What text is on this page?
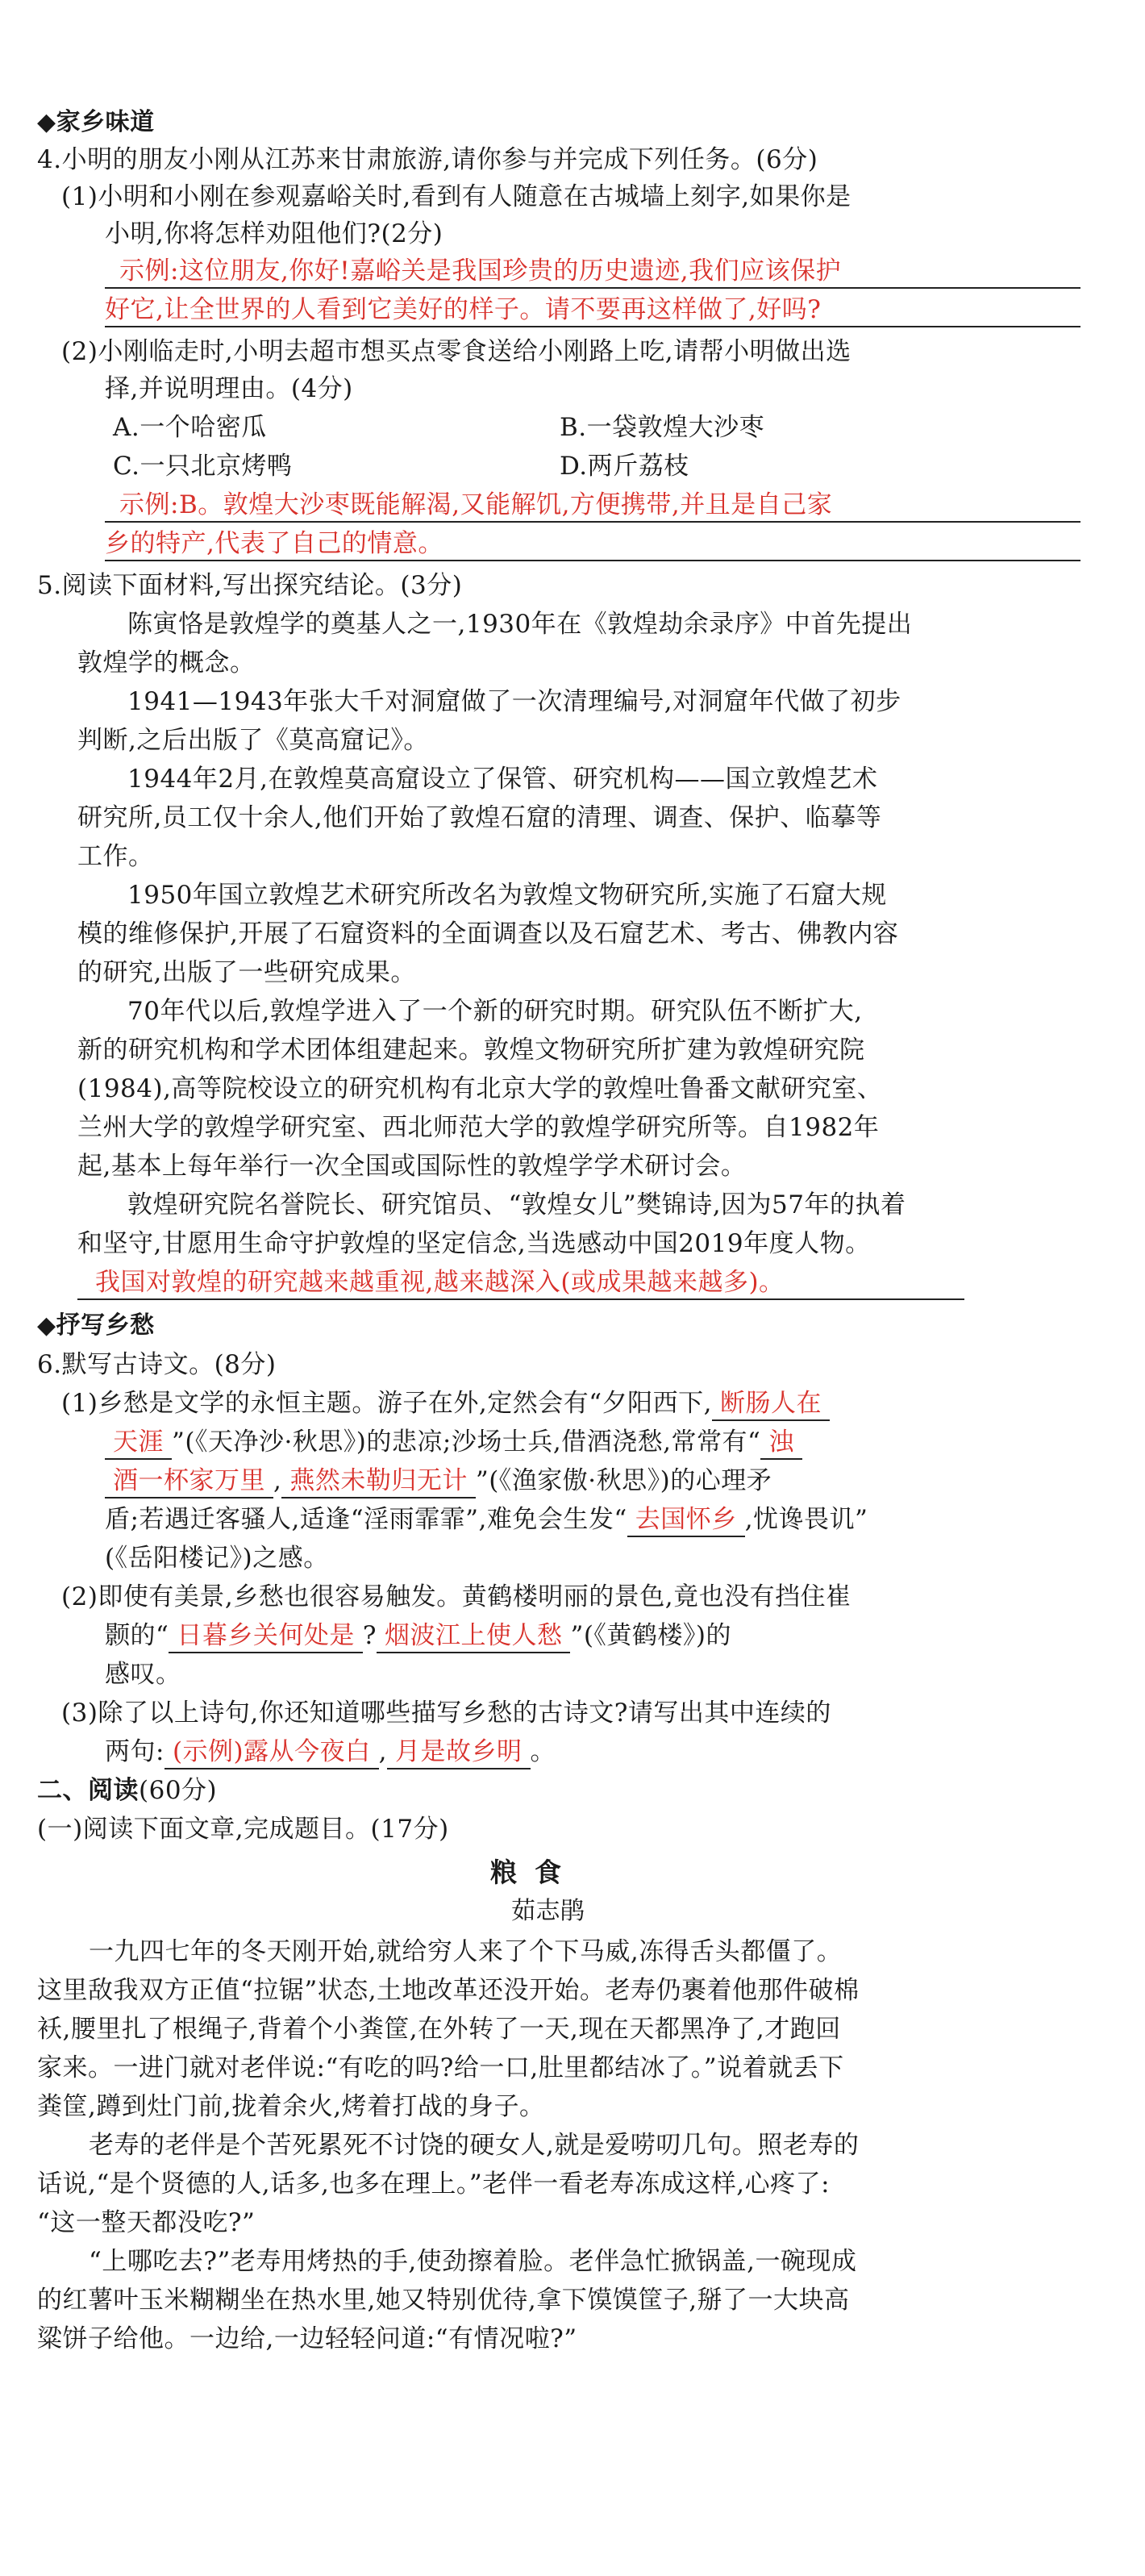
◆家乡味道
4.小明的朋友小刚从江苏来甘肃旅游,请你参与并完成下列任务。(6分)
(1)小明和小刚在参观嘉峪关时,看到有人随意在古城墙上刻字,如果你是
小明,你将怎样劝阻他们?(2分)
示例:这位朋友,你好!嘉峪关是我国珍贵的历史遗迹,我们应该保护
好它,让全世界的人看到它美好的样子。请不要再这样做了,好吗?
(2)小刚临走时,小明去超市想买点零食送给小刚路上吃,请帮小明做出选
择,并说明理由。(4分)
A.一个哈密瓜	B.一袋敦煌大沙枣
C.一只北京烤鸭	D.两斤荔枝
示例:B。敦煌大沙枣既能解渴,又能解饥,方便携带,并且是自己家
乡的特产,代表了自己的情意。
5.阅读下面材料,写出探究结论。(3分)
陈寅恪是敦煌学的奠基人之一,1930年在《敦煌劫余录序》中首先提出
敦煌学的概念。
1941—1943年张大千对洞窟做了一次清理编号,对洞窟年代做了初步
判断,之后出版了《莫高窟记》。
1944年2月,在敦煌莫高窟设立了保管、研究机构——国立敦煌艺术
研究所,员工仅十余人,他们开始了敦煌石窟的清理、调查、保护、临摹等
工作。
1950年国立敦煌艺术研究所改名为敦煌文物研究所,实施了石窟大规
模的维修保护,开展了石窟资料的全面调查以及石窟艺术、考古、佛教内容
的研究,出版了一些研究成果。
70年代以后,敦煌学进入了一个新的研究时期。研究队伍不断扩大,
新的研究机构和学术团体组建起来。敦煌文物研究所扩建为敦煌研究院
(1984),高等院校设立的研究机构有北京大学的敦煌吐鲁番文献研究室、
兰州大学的敦煌学研究室、西北师范大学的敦煌学研究所等。自1982年
起,基本上每年举行一次全国或国际性的敦煌学学术研讨会。
敦煌研究院名誉院长、研究馆员、“敦煌女儿”樊锦诗,因为57年的执着
和坚守,甘愿用生命守护敦煌的坚定信念,当选感动中国2019年度人物。
我国对敦煌的研究越来越重视,越来越深入(或成果越来越多)。
◆抒写乡愁
6.默写古诗文。(8分)
(1)乡愁是文学的永恒主题。游子在外,定然会有“夕阳西下, 断肠人在
天涯 ”(《天净沙·秋思》)的悲凉;沙场士兵,借酒浇愁,常常有“ 浊
酒一杯家万里 , 燕然未勒归无计 ”(《渔家傲·秋思》)的心理矛
盾;若遇迁客骚人,适逢“淫雨霏霏”,难免会生发“ 去国怀乡 ,忧谗畏讥”
(《岳阳楼记》)之感。
(2)即使有美景,乡愁也很容易触发。黄鹤楼明丽的景色,竟也没有挡住崔
颢的“ 日暮乡关何处是 ? 烟波江上使人愁 ”(《黄鹤楼》)的
感叹。
(3)除了以上诗句,你还知道哪些描写乡愁的古诗文?请写出其中连续的
两句: (示例)露从今夜白 , 月是故乡明 。
二、阅读(60分)
(一)阅读下面文章,完成题目。(17分)
粮食
茹志鹃
一九四七年的冬天刚开始,就给穷人来了个下马威,冻得舌头都僵了。
这里敌我双方正值“拉锯”状态,土地改革还没开始。老寿仍裹着他那件破棉
袄,腰里扎了根绳子,背着个小粪筐,在外转了一天,现在天都黑净了,才跑回
家来。一进门就对老伴说:“有吃的吗?给一口,肚里都结冰了。”说着就丢下
粪筐,蹲到灶门前,拢着余火,烤着打战的身子。
老寿的老伴是个苦死累死不讨饶的硬女人,就是爱唠叨几句。照老寿的
话说,“是个贤德的人,话多,也多在理上。”老伴一看老寿冻成这样,心疼了:
“这一整天都没吃?”
“上哪吃去?”老寿用烤热的手,使劲擦着脸。老伴急忙掀锅盖,一碗现成
的红薯叶玉米糊糊坐在热水里,她又特别优待,拿下馍馍筐子,掰了一大块高
粱饼子给他。一边给,一边轻轻问道:“有情况啦?”
